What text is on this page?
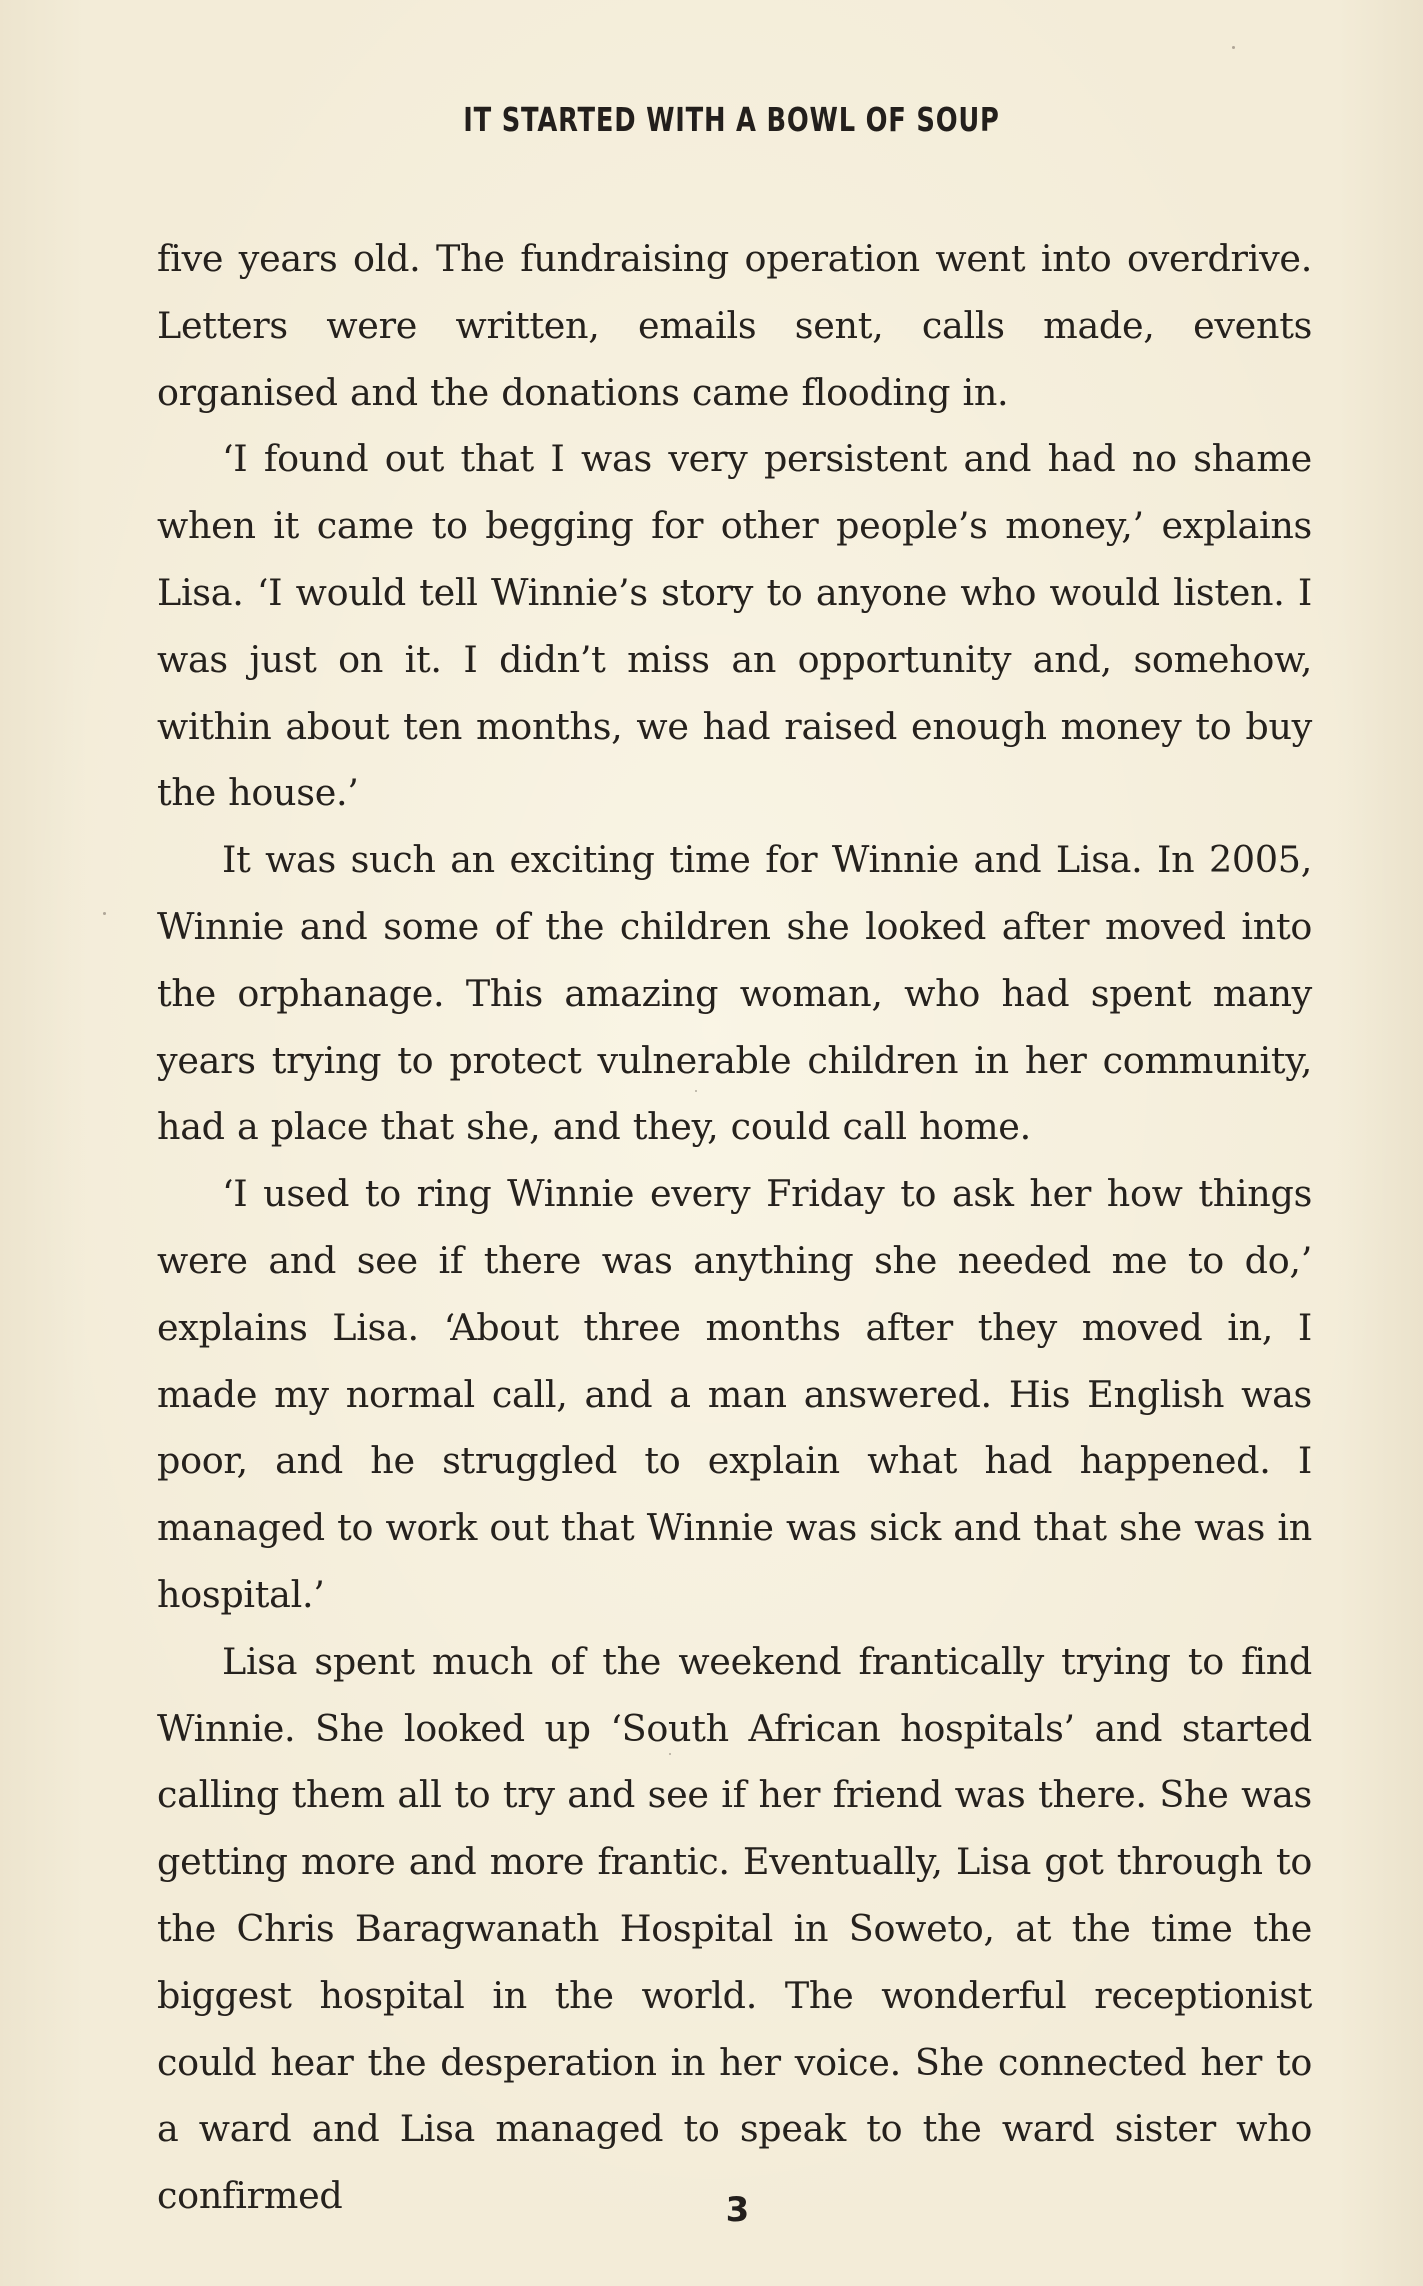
IT STARTED WITH A BOWL OF SOUP

five years old. The fundraising operation went into overdrive. Letters were written, emails sent, calls made, events organised and the donations came flooding in.

‘I found out that I was very persistent and had no shame when it came to begging for other people’s money,’ explains Lisa. ‘I would tell Winnie’s story to anyone who would listen. I was just on it. I didn’t miss an opportunity and, somehow, within about ten months, we had raised enough money to buy the house.’

It was such an exciting time for Winnie and Lisa. In 2005, Winnie and some of the children she looked after moved into the orphanage. This amazing woman, who had spent many years trying to protect vulnerable children in her community, had a place that she, and they, could call home.

‘I used to ring Winnie every Friday to ask her how things were and see if there was anything she needed me to do,’ explains Lisa. ‘About three months after they moved in, I made my normal call, and a man answered. His English was poor, and he struggled to explain what had happened. I managed to work out that Winnie was sick and that she was in hospital.’

Lisa spent much of the weekend frantically trying to find Winnie. She looked up ‘South African hospitals’ and started calling them all to try and see if her friend was there. She was getting more and more frantic. Eventually, Lisa got through to the Chris Baragwanath Hospital in Soweto, at the time the biggest hospital in the world. The wonderful receptionist could hear the desperation in her voice. She connected her to a ward and Lisa managed to speak to the ward sister who confirmed	3
